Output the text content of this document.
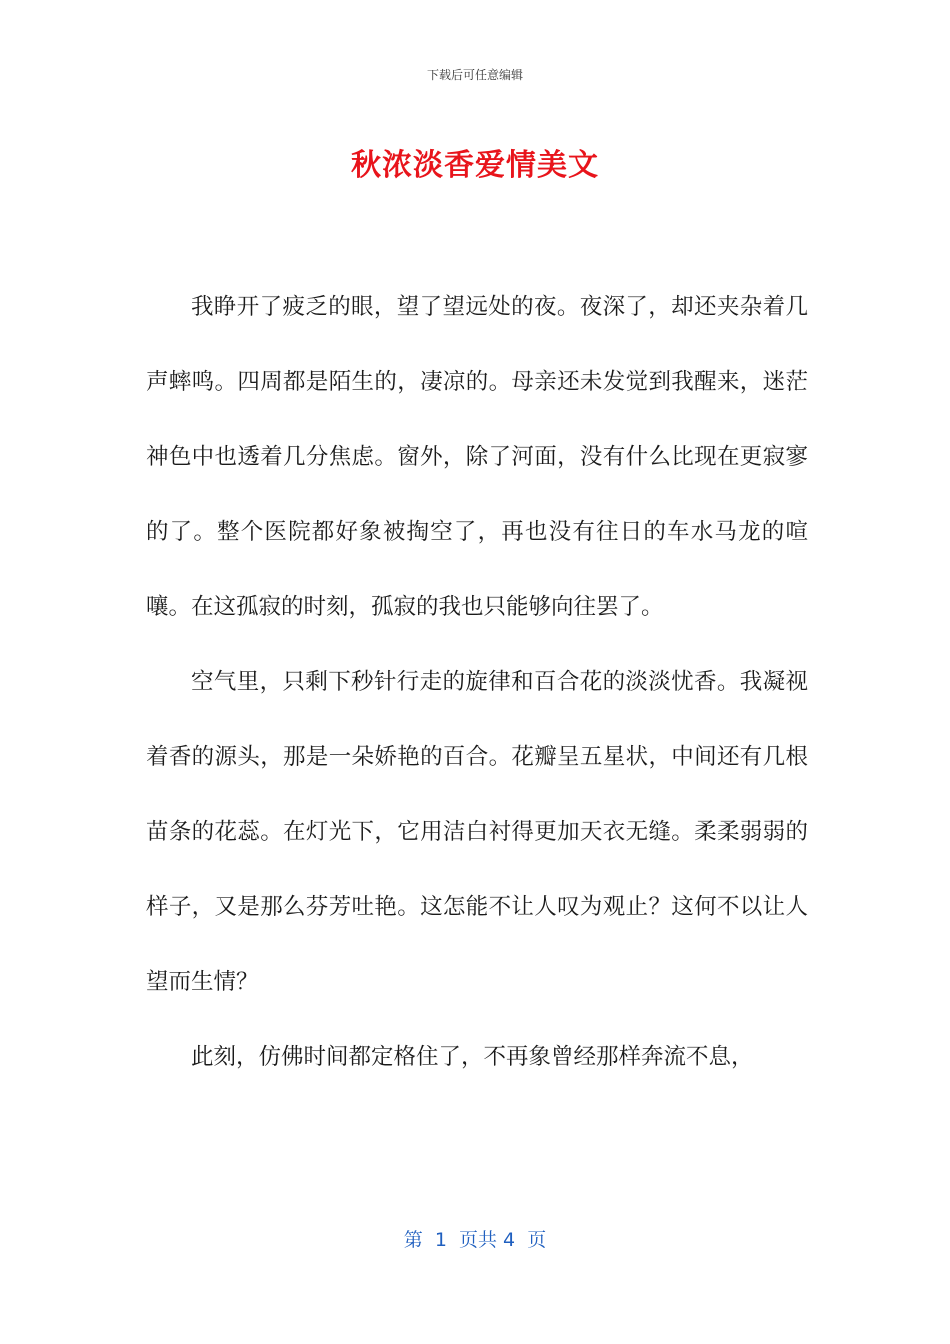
下载后可任意编辑
秋浓淡香爱情美文

我睁开了疲乏的眼，望了望远处的夜。夜深了，却还夹杂着几声蟀鸣。四周都是陌生的，凄凉的。母亲还未发觉到我醒来，迷茫神色中也透着几分焦虑。窗外，除了河面，没有什么比现在更寂寥的了。整个医院都好象被掏空了，再也没有往日的车水马龙的喧嚷。在这孤寂的时刻，孤寂的我也只能够向往罢了。

空气里，只剩下秒针行走的旋律和百合花的淡淡忧香。我凝视着香的源头，那是一朵娇艳的百合。花瓣呈五星状，中间还有几根苗条的花蕊。在灯光下，它用洁白衬得更加天衣无缝。柔柔弱弱的样子，又是那么芬芳吐艳。这怎能不让人叹为观止？这何不以让人望而生情？

此刻，仿佛时间都定格住了，不再象曾经那样奔流不息，

第  1  页共 4  页
